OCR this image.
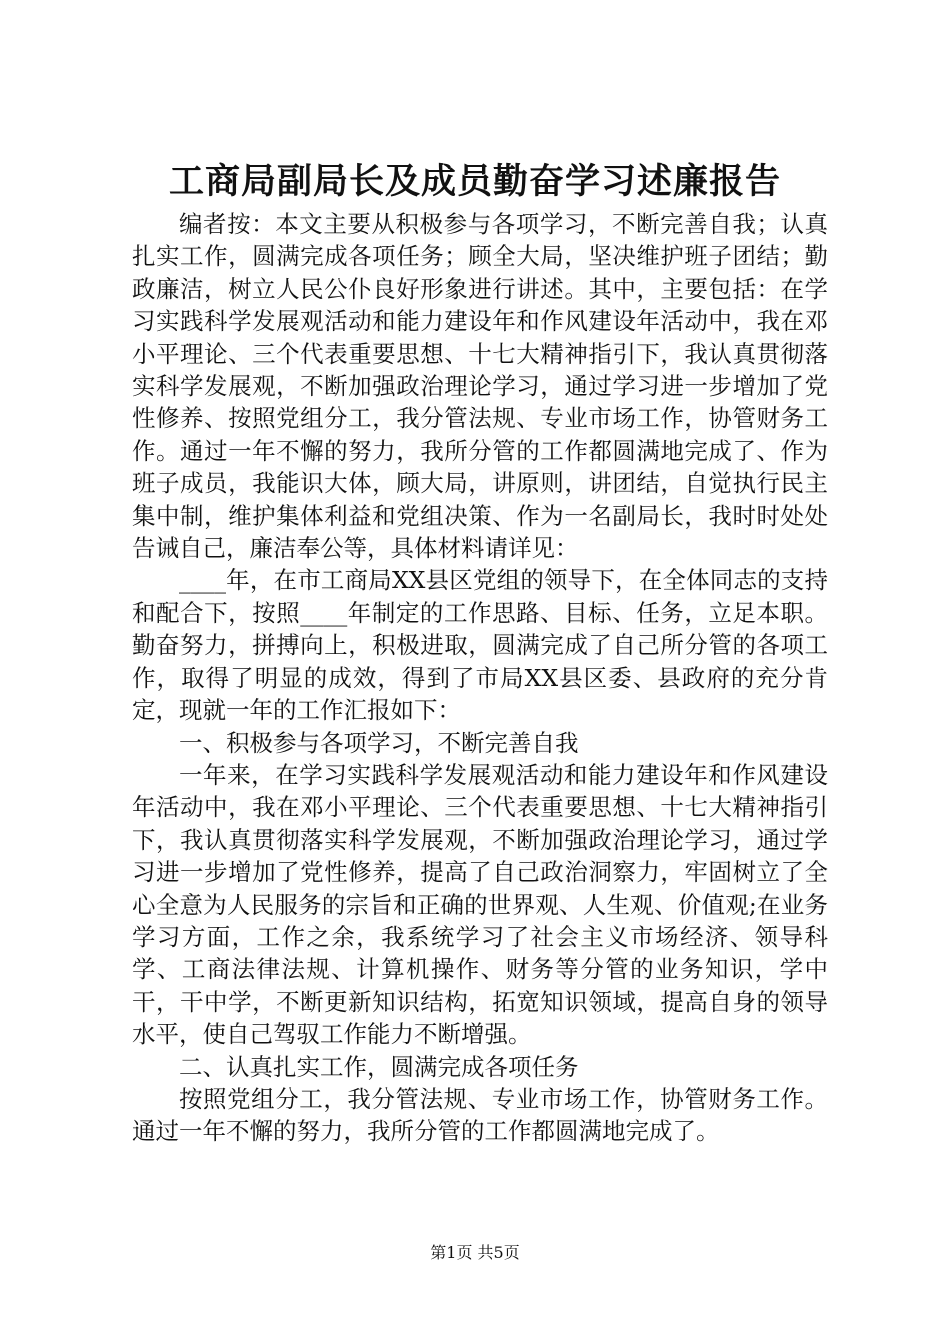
工商局副局长及成员勤奋学习述廉报告

编者按：本文主要从积极参与各项学习，不断完善自我；认真扎实工作，圆满完成各项任务；顾全大局，坚决维护班子团结；勤政廉洁，树立人民公仆良好形象进行讲述。其中，主要包括：在学习实践科学发展观活动和能力建设年和作风建设年活动中，我在邓小平理论、三个代表重要思想、十七大精神指引下，我认真贯彻落实科学发展观，不断加强政治理论学习，通过学习进一步增加了党性修养、按照党组分工，我分管法规、专业市场工作，协管财务工作。通过一年不懈的努力，我所分管的工作都圆满地完成了、作为班子成员，我能识大体，顾大局，讲原则，讲团结，自觉执行民主集中制，维护集体利益和党组决策、作为一名副局长，我时时处处告诫自己，廉洁奉公等，具体材料请详见：

____年，在市工商局XX县区党组的领导下，在全体同志的支持和配合下，按照____年制定的工作思路、目标、任务，立足本职。勤奋努力，拼搏向上，积极进取，圆满完成了自己所分管的各项工作，取得了明显的成效，得到了市局XX县区委、县政府的充分肯定，现就一年的工作汇报如下：

一、积极参与各项学习，不断完善自我

一年来，在学习实践科学发展观活动和能力建设年和作风建设年活动中，我在邓小平理论、三个代表重要思想、十七大精神指引下，我认真贯彻落实科学发展观，不断加强政治理论学习，通过学习进一步增加了党性修养，提高了自己政治洞察力，牢固树立了全心全意为人民服务的宗旨和正确的世界观、人生观、价值观;在业务学习方面，工作之余，我系统学习了社会主义市场经济、领导科学、工商法律法规、计算机操作、财务等分管的业务知识，学中干，干中学，不断更新知识结构，拓宽知识领域，提高自身的领导水平，使自己驾驭工作能力不断增强。

二、认真扎实工作，圆满完成各项任务

按照党组分工，我分管法规、专业市场工作，协管财务工作。通过一年不懈的努力，我所分管的工作都圆满地完成了。

第1页 共5页
